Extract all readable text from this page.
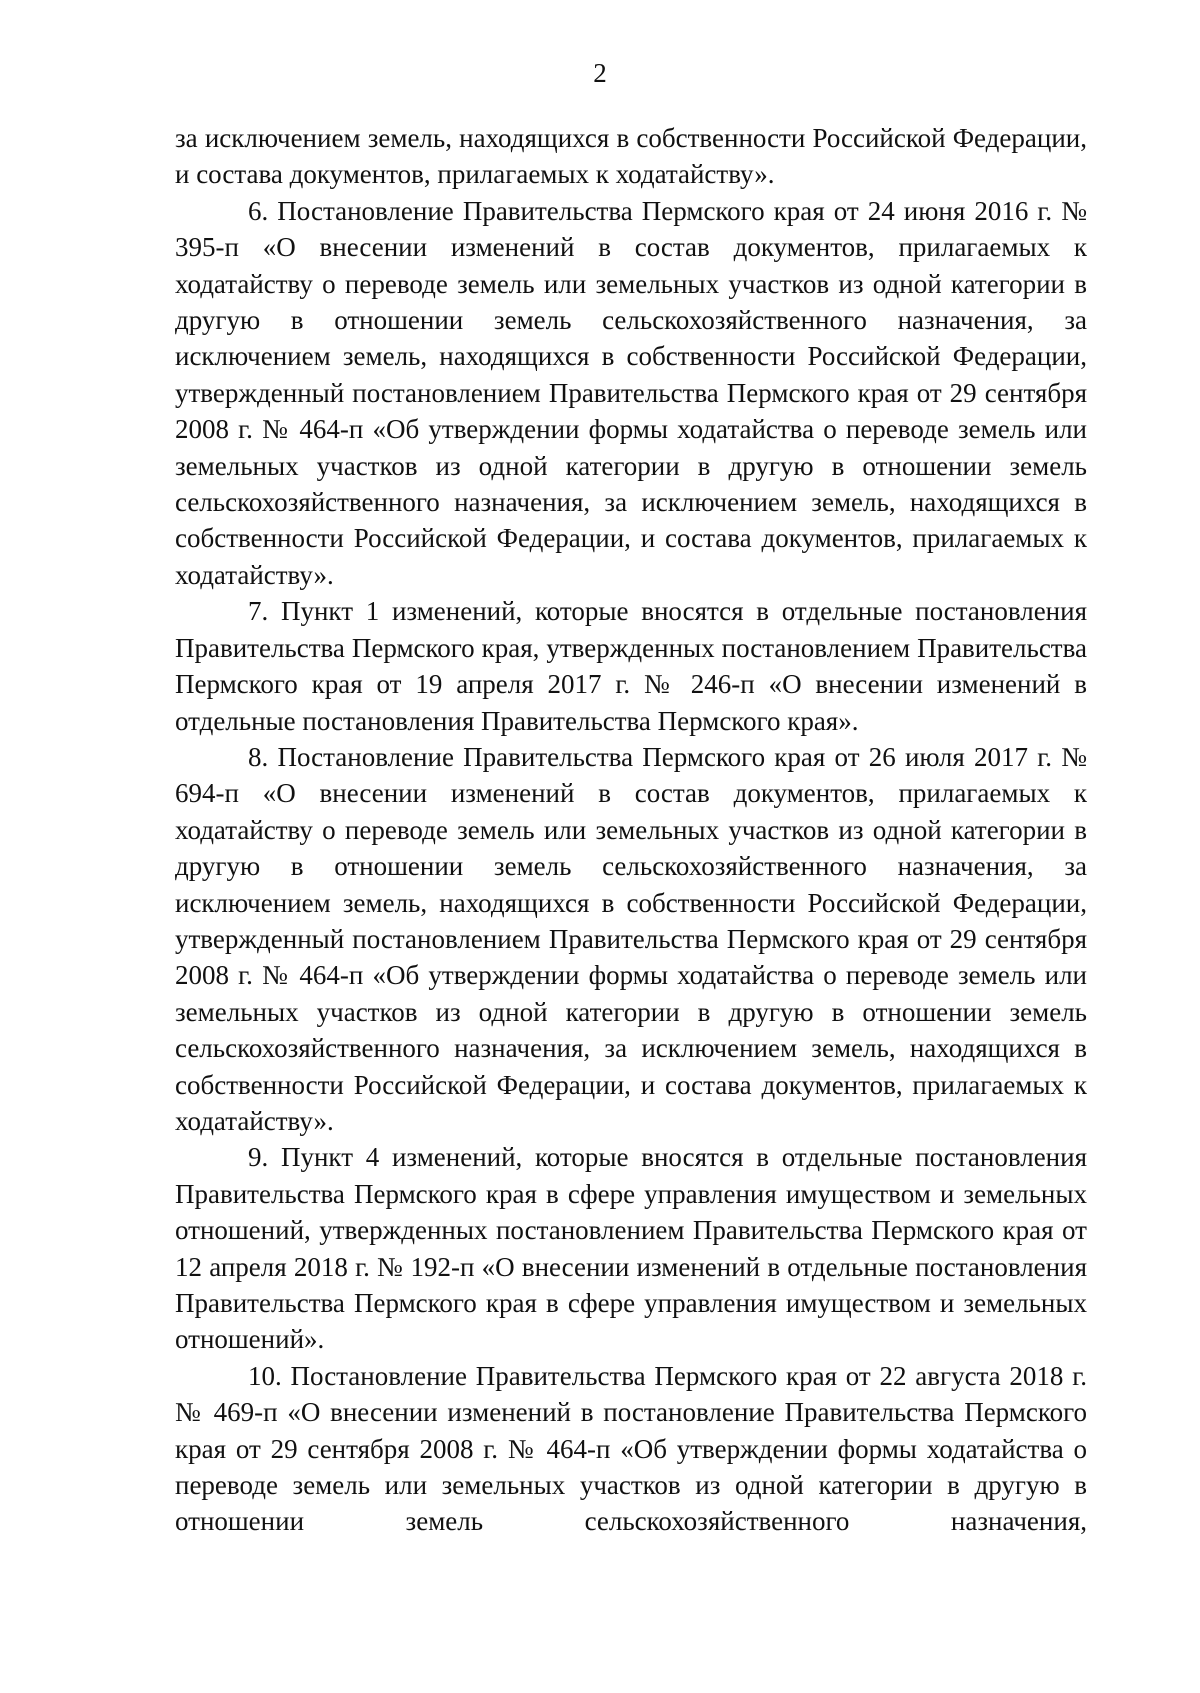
2

за исключением земель, находящихся в собственности Российской Федерации, и состава документов, прилагаемых к ходатайству».

6. Постановление Правительства Пермского края от 24 июня 2016 г. № 395-п «О внесении изменений в состав документов, прилагаемых к ходатайству о переводе земель или земельных участков из одной категории в другую в отношении земель сельскохозяйственного назначения, за исключением земель, находящихся в собственности Российской Федерации, утвержденный постановлением Правительства Пермского края от 29 сентября 2008 г. № 464-п «Об утверждении формы ходатайства о переводе земель или земельных участков из одной категории в другую в отношении земель сельскохозяйственного назначения, за исключением земель, находящихся в собственности Российской Федерации, и состава документов, прилагаемых к ходатайству».

7. Пункт 1 изменений, которые вносятся в отдельные постановления Правительства Пермского края, утвержденных постановлением Правительства Пермского края от 19 апреля 2017 г. № 246-п «О внесении изменений в отдельные постановления Правительства Пермского края».

8. Постановление Правительства Пермского края от 26 июля 2017 г. № 694-п «О внесении изменений в состав документов, прилагаемых к ходатайству о переводе земель или земельных участков из одной категории в другую в отношении земель сельскохозяйственного назначения, за исключением земель, находящихся в собственности Российской Федерации, утвержденный постановлением Правительства Пермского края от 29 сентября 2008 г. № 464-п «Об утверждении формы ходатайства о переводе земель или земельных участков из одной категории в другую в отношении земель сельскохозяйственного назначения, за исключением земель, находящихся в собственности Российской Федерации, и состава документов, прилагаемых к ходатайству».

9. Пункт 4 изменений, которые вносятся в отдельные постановления Правительства Пермского края в сфере управления имуществом и земельных отношений, утвержденных постановлением Правительства Пермского края от 12 апреля 2018 г. № 192-п «О внесении изменений в отдельные постановления Правительства Пермского края в сфере управления имуществом и земельных отношений».

10. Постановление Правительства Пермского края от 22 августа 2018 г. № 469-п «О внесении изменений в постановление Правительства Пермского края от 29 сентября 2008 г. № 464-п «Об утверждении формы ходатайства о переводе земель или земельных участков из одной категории в другую в отношении земель сельскохозяйственного назначения,
